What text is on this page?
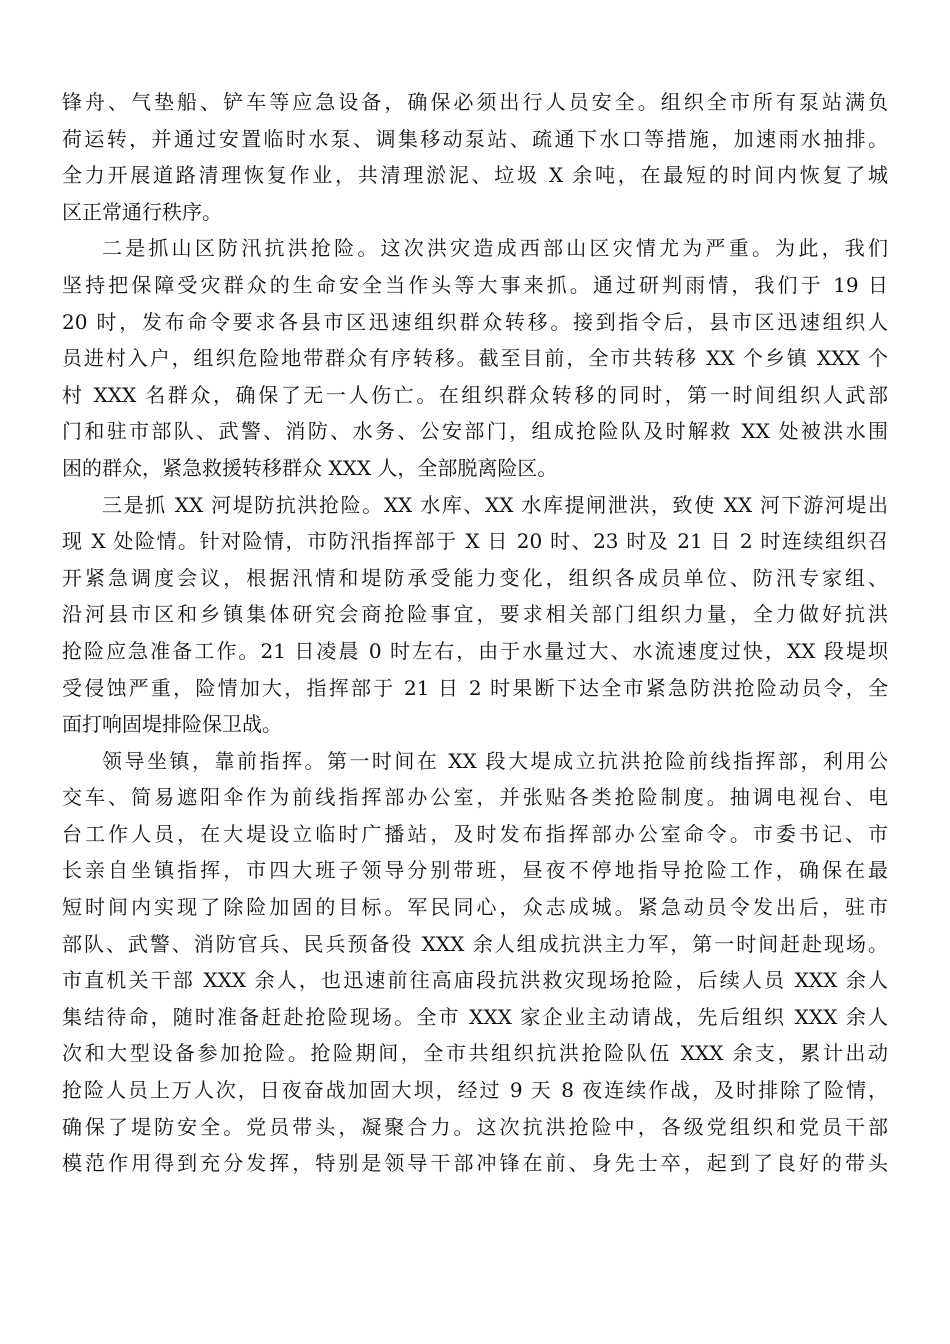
锋舟、气垫船、铲车等应急设备，确保必须出行人员安全。组织全市所有泵站满负
荷运转，并通过安置临时水泵、调集移动泵站、疏通下水口等措施，加速雨水抽排。
全力开展道路清理恢复作业，共清理淤泥、垃圾 X 余吨，在最短的时间内恢复了城
区正常通行秩序。
二是抓山区防汛抗洪抢险。这次洪灾造成西部山区灾情尤为严重。为此，我们
坚持把保障受灾群众的生命安全当作头等大事来抓。通过研判雨情，我们于 19 日
20 时，发布命令要求各县市区迅速组织群众转移。接到指令后，县市区迅速组织人
员进村入户，组织危险地带群众有序转移。截至目前，全市共转移 XX 个乡镇 XXX 个
村 XXX 名群众，确保了无一人伤亡。在组织群众转移的同时，第一时间组织人武部
门和驻市部队、武警、消防、水务、公安部门，组成抢险队及时解救 XX 处被洪水围
困的群众，紧急救援转移群众 XXX 人，全部脱离险区。
三是抓 XX 河堤防抗洪抢险。XX 水库、XX 水库提闸泄洪，致使 XX 河下游河堤出
现 X 处险情。针对险情，市防汛指挥部于 X 日 20 时、23 时及 21 日 2 时连续组织召
开紧急调度会议，根据汛情和堤防承受能力变化，组织各成员单位、防汛专家组、
沿河县市区和乡镇集体研究会商抢险事宜，要求相关部门组织力量，全力做好抗洪
抢险应急准备工作。21 日凌晨 0 时左右，由于水量过大、水流速度过快，XX 段堤坝
受侵蚀严重，险情加大，指挥部于 21 日 2 时果断下达全市紧急防洪抢险动员令，全
面打响固堤排险保卫战。
领导坐镇，靠前指挥。第一时间在 XX 段大堤成立抗洪抢险前线指挥部，利用公
交车、简易遮阳伞作为前线指挥部办公室，并张贴各类抢险制度。抽调电视台、电
台工作人员，在大堤设立临时广播站，及时发布指挥部办公室命令。市委书记、市
长亲自坐镇指挥，市四大班子领导分别带班，昼夜不停地指导抢险工作，确保在最
短时间内实现了除险加固的目标。军民同心，众志成城。紧急动员令发出后，驻市
部队、武警、消防官兵、民兵预备役 XXX 余人组成抗洪主力军，第一时间赶赴现场。
市直机关干部 XXX 余人，也迅速前往高庙段抗洪救灾现场抢险，后续人员 XXX 余人
集结待命，随时准备赶赴抢险现场。全市 XXX 家企业主动请战，先后组织 XXX 余人
次和大型设备参加抢险。抢险期间，全市共组织抗洪抢险队伍 XXX 余支，累计出动
抢险人员上万人次，日夜奋战加固大坝，经过 9 天 8 夜连续作战，及时排除了险情，
确保了堤防安全。党员带头，凝聚合力。这次抗洪抢险中，各级党组织和党员干部
模范作用得到充分发挥，特别是领导干部冲锋在前、身先士卒，起到了良好的带头
